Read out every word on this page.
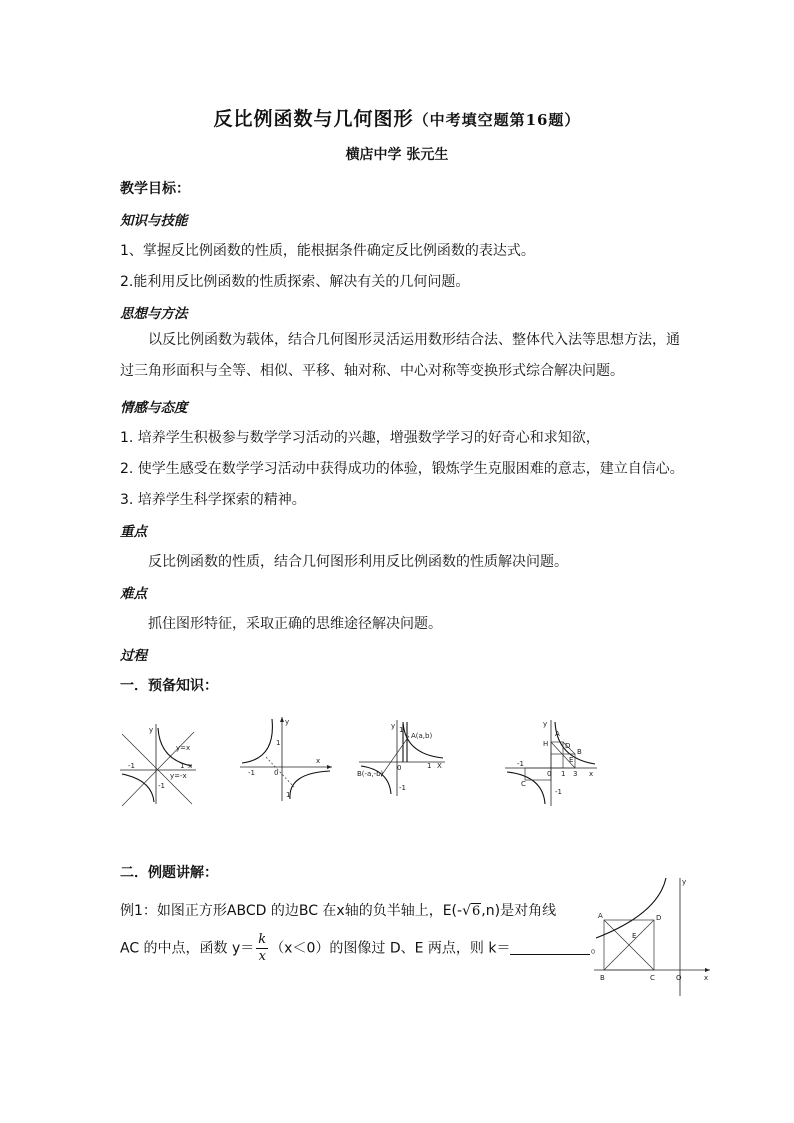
反比例函数与几何图形（中考填空题第16题）
横店中学 张元生
教学目标：
知识与技能
1、掌握反比例函数的性质，能根据条件确定反比例函数的表达式。
2.能利用反比例函数的性质探索、解决有关的几何问题。
思想与方法
以反比例函数为载体，结合几何图形灵活运用数形结合法、整体代入法等思想方法，通过三角形面积与全等、相似、平移、轴对称、中心对称等变换形式综合解决问题。
情感与态度
1. 培养学生积极参与数学学习活动的兴趣，增强数学学习的好奇心和求知欲，
2. 使学生感受在数学学习活动中获得成功的体验，锻炼学生克服困难的意志，建立自信心。
3. 培养学生科学探索的精神。
重点
反比例函数的性质，结合几何图形利用反比例函数的性质解决问题。
难点
抓住图形特征，采取正确的思维途径解决问题。
过程
一．预备知识：
y
y=x
1
-1	x
y=-x
-1
y
1
-1	0
x
1
y 1
A(a,b)
B(-a,-b)
0	1 X
-1
y
A
H D
B
E
0 1 3 x
-1
C
-1
二．例题讲解：
例1：如图正方形ABCD 的边BC 在x轴的负半轴上，E(-√6,n)是对角线
AC 的中点，函数 $y= \frac{k}{x} (x<0)$的图像过 D、E 两点，则 k＝	。
y
D
A
E
B	C	O	x
